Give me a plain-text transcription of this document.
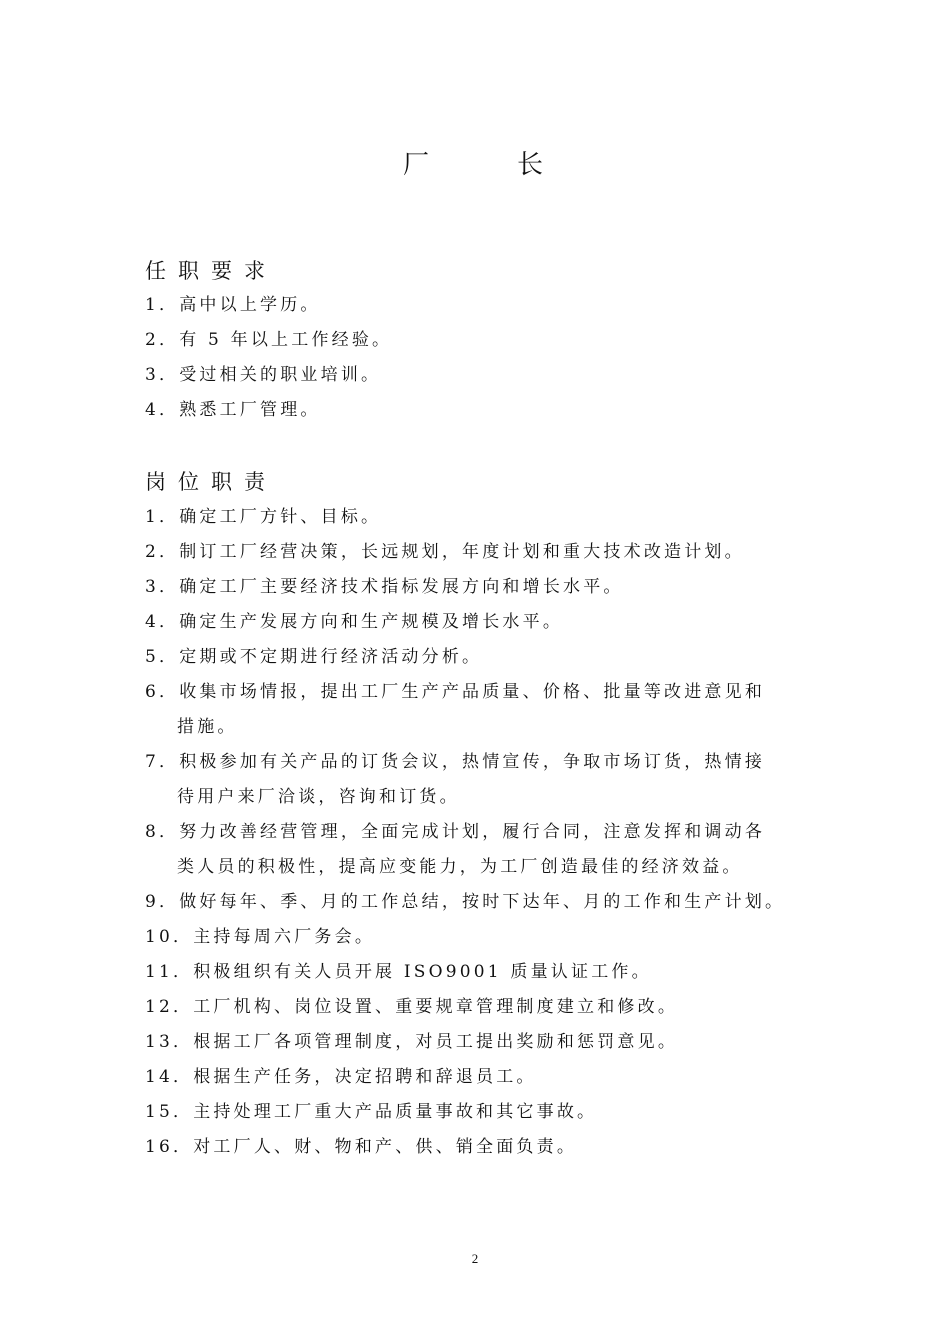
厂	长
任职要求
1．高中以上学历。
2．有 5 年以上工作经验。
3．受过相关的职业培训。
4．熟悉工厂管理。
岗位职责
1．确定工厂方针、目标。
2．制订工厂经营决策，长远规划，年度计划和重大技术改造计划。
3．确定工厂主要经济技术指标发展方向和增长水平。
4．确定生产发展方向和生产规模及增长水平。
5．定期或不定期进行经济活动分析。
6．收集市场情报，提出工厂生产产品质量、价格、批量等改进意见和
措施。
7．积极参加有关产品的订货会议，热情宣传，争取市场订货，热情接
待用户来厂洽谈，咨询和订货。
8．努力改善经营管理，全面完成计划，履行合同，注意发挥和调动各
类人员的积极性，提高应变能力，为工厂创造最佳的经济效益。
9．做好每年、季、月的工作总结，按时下达年、月的工作和生产计划。
10．主持每周六厂务会。
11．积极组织有关人员开展 ISO9001 质量认证工作。
12．工厂机构、岗位设置、重要规章管理制度建立和修改。
13．根据工厂各项管理制度，对员工提出奖励和惩罚意见。
14．根据生产任务，决定招聘和辞退员工。
15．主持处理工厂重大产品质量事故和其它事故。
16．对工厂人、财、物和产、供、销全面负责。
2
